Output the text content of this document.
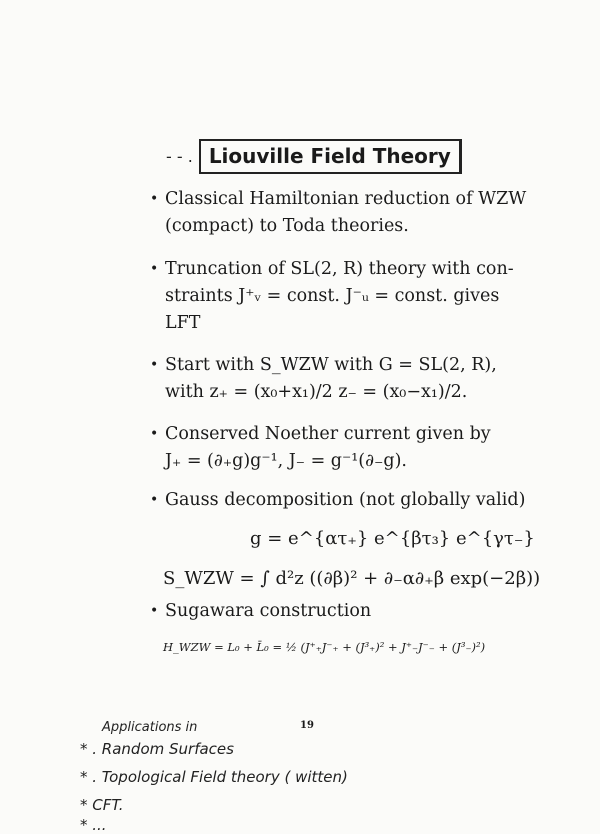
- - . Liouville Field Theory
• Classical Hamiltonian reduction of WZW
(compact) to Toda theories.
• Truncation of SL(2, R) theory with con-
straints J⁺ᵥ = const. J⁻ᵤ = const. gives
LFT
• Start with S_WZW with G = SL(2, R),
with z₊ = (x₀+x₁)/2 z₋ = (x₀−x₁)/2.
• Conserved Noether current given by
J₊ = (∂₊g)g⁻¹, J₋ = g⁻¹(∂₋g).
• Gauss decomposition (not globally valid)
g = e^{ατ₊} e^{βτ₃} e^{γτ₋}
S_WZW = ∫ d²z ((∂β)² + ∂₋α∂₊β exp(−2β))
• Sugawara construction
H_WZW = L₀ + L̄₀ = ½ (J⁺₊J⁻₊ + (J³₊)² + J⁺₋J⁻₋ + (J³₋)²)
19
Applications in
* . Random Surfaces
* . Topological Field theory ( witten)
* CFT.
* ...
